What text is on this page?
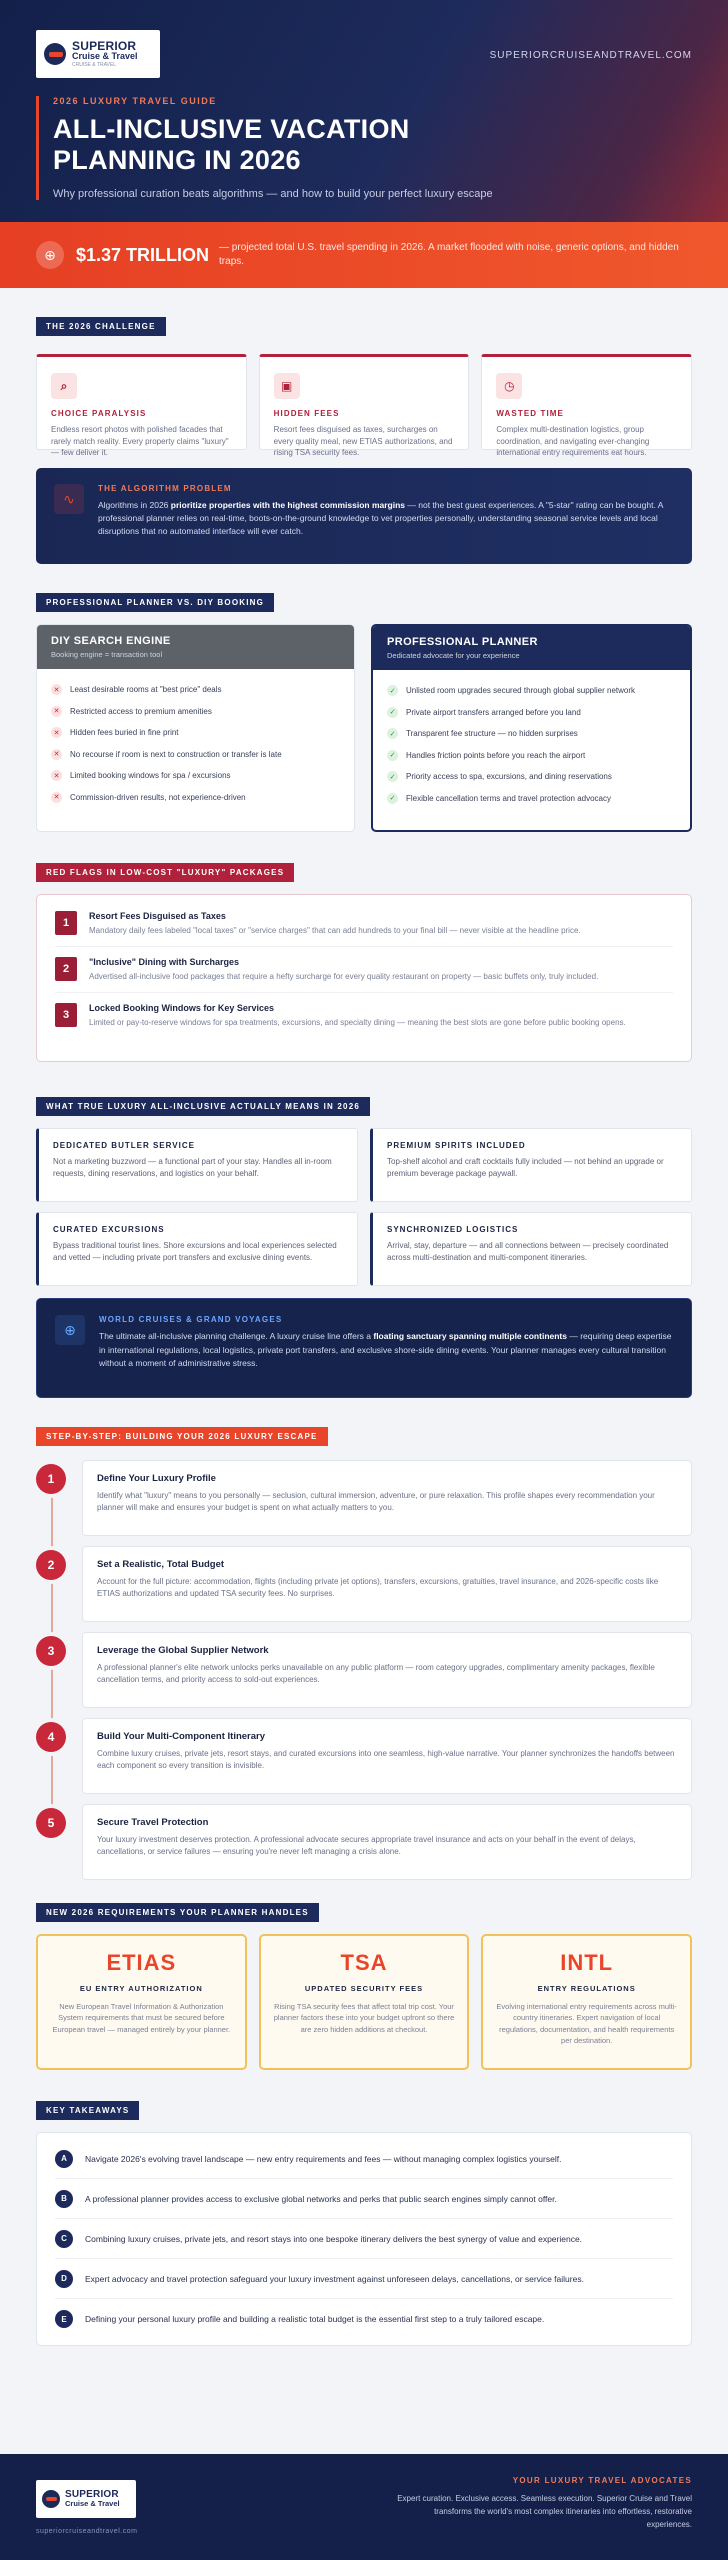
SUPERIOR
Cruise & Travel
CRUISE & TRAVEL
SUPERIORCRUISEANDTRAVEL.COM
2026 LUXURY TRAVEL GUIDE
ALL-INCLUSIVE VACATION
PLANNING IN 2026

Why professional curation beats algorithms — and how to build your perfect luxury escape

⊕	$1.37 TRILLION — projected total U.S. travel spending in 2026. A market flooded with noise, generic options, and hidden traps.
THE 2026 CHALLENGE
⌕
CHOICE PARALYSIS
Endless resort photos with polished facades that rarely match reality. Every property claims "luxury" — few deliver it.
▣
HIDDEN FEES
Resort fees disguised as taxes, surcharges on every quality meal, new ETIAS authorizations, and rising TSA security fees.
◷
WASTED TIME
Complex multi-destination logistics, group coordination, and navigating ever-changing international entry requirements eat hours.
∿
THE ALGORITHM PROBLEM
Algorithms in 2026 prioritize properties with the highest commission margins — not the best guest experiences. A "5-star" rating can be bought. A professional planner relies on real-time, boots-on-the-ground knowledge to vet properties personally, understanding seasonal service levels and local disruptions that no automated interface will ever catch.
PROFESSIONAL PLANNER VS. DIY BOOKING
DIY SEARCH ENGINE
Booking engine = transaction tool
✕	Least desirable rooms at "best price" deals
✕	Restricted access to premium amenities
✕	Hidden fees buried in fine print
✕	No recourse if room is next to construction or transfer is late
✕	Limited booking windows for spa / excursions
✕	Commission-driven results, not experience-driven
PROFESSIONAL PLANNER
Dedicated advocate for your experience
✓	Unlisted room upgrades secured through global supplier network
✓	Private airport transfers arranged before you land
✓	Transparent fee structure — no hidden surprises
✓	Handles friction points before you reach the airport
✓	Priority access to spa, excursions, and dining reservations
✓	Flexible cancellation terms and travel protection advocacy
RED FLAGS IN LOW-COST "LUXURY" PACKAGES
1
Resort Fees Disguised as Taxes
Mandatory daily fees labeled "local taxes" or "service charges" that can add hundreds to your final bill — never visible at the headline price.
2
"Inclusive" Dining with Surcharges
Advertised all-inclusive food packages that require a hefty surcharge for every quality restaurant on property — basic buffets only, truly included.
3
Locked Booking Windows for Key Services
Limited or pay-to-reserve windows for spa treatments, excursions, and specialty dining — meaning the best slots are gone before public booking opens.
WHAT TRUE LUXURY ALL-INCLUSIVE ACTUALLY MEANS IN 2026
DEDICATED BUTLER SERVICE
Not a marketing buzzword — a functional part of your stay. Handles all in-room requests, dining reservations, and logistics on your behalf.
PREMIUM SPIRITS INCLUDED
Top-shelf alcohol and craft cocktails fully included — not behind an upgrade or premium beverage package paywall.
CURATED EXCURSIONS
Bypass traditional tourist lines. Shore excursions and local experiences selected and vetted — including private port transfers and exclusive dining events.
SYNCHRONIZED LOGISTICS
Arrival, stay, departure — and all connections between — precisely coordinated across multi-destination and multi-component itineraries.
⊕
WORLD CRUISES & GRAND VOYAGES
The ultimate all-inclusive planning challenge. A luxury cruise line offers a floating sanctuary spanning multiple continents — requiring deep expertise in international regulations, local logistics, private port transfers, and exclusive shore-side dining events. Your planner manages every cultural transition without a moment of administrative stress.
STEP-BY-STEP: BUILDING YOUR 2026 LUXURY ESCAPE
1	Define Your Luxury Profile
Identify what "luxury" means to you personally — seclusion, cultural immersion, adventure, or pure relaxation. This profile shapes every recommendation your planner will make and ensures your budget is spent on what actually matters to you.
2	Set a Realistic, Total Budget
Account for the full picture: accommodation, flights (including private jet options), transfers, excursions, gratuities, travel insurance, and 2026-specific costs like ETIAS authorizations and updated TSA security fees. No surprises.
3	Leverage the Global Supplier Network
A professional planner's elite network unlocks perks unavailable on any public platform — room category upgrades, complimentary amenity packages, flexible cancellation terms, and priority access to sold-out experiences.
4	Build Your Multi-Component Itinerary
Combine luxury cruises, private jets, resort stays, and curated excursions into one seamless, high-value narrative. Your planner synchronizes the handoffs between each component so every transition is invisible.
5	Secure Travel Protection
Your luxury investment deserves protection. A professional advocate secures appropriate travel insurance and acts on your behalf in the event of delays, cancellations, or service failures — ensuring you're never left managing a crisis alone.
NEW 2026 REQUIREMENTS YOUR PLANNER HANDLES
ETIAS
EU ENTRY AUTHORIZATION
New European Travel Information & Authorization System requirements that must be secured before European travel — managed entirely by your planner.
TSA
UPDATED SECURITY FEES
Rising TSA security fees that affect total trip cost. Your planner factors these into your budget upfront so there are zero hidden additions at checkout.
INTL
ENTRY REGULATIONS
Evolving international entry requirements across multi-country itineraries. Expert navigation of local regulations, documentation, and health requirements per destination.
KEY TAKEAWAYS
A	Navigate 2026's evolving travel landscape — new entry requirements and fees — without managing complex logistics yourself.
B	A professional planner provides access to exclusive global networks and perks that public search engines simply cannot offer.
C	Combining luxury cruises, private jets, and resort stays into one bespoke itinerary delivers the best synergy of value and experience.
D	Expert advocacy and travel protection safeguard your luxury investment against unforeseen delays, cancellations, or service failures.
E	Defining your personal luxury profile and building a realistic total budget is the essential first step to a truly tailored escape.
SUPERIOR
Cruise & Travel
superiorcruiseandtravel.com
YOUR LUXURY TRAVEL ADVOCATES
Expert curation. Exclusive access. Seamless execution. Superior Cruise and Travel transforms the world's most complex itineraries into effortless, restorative experiences.
